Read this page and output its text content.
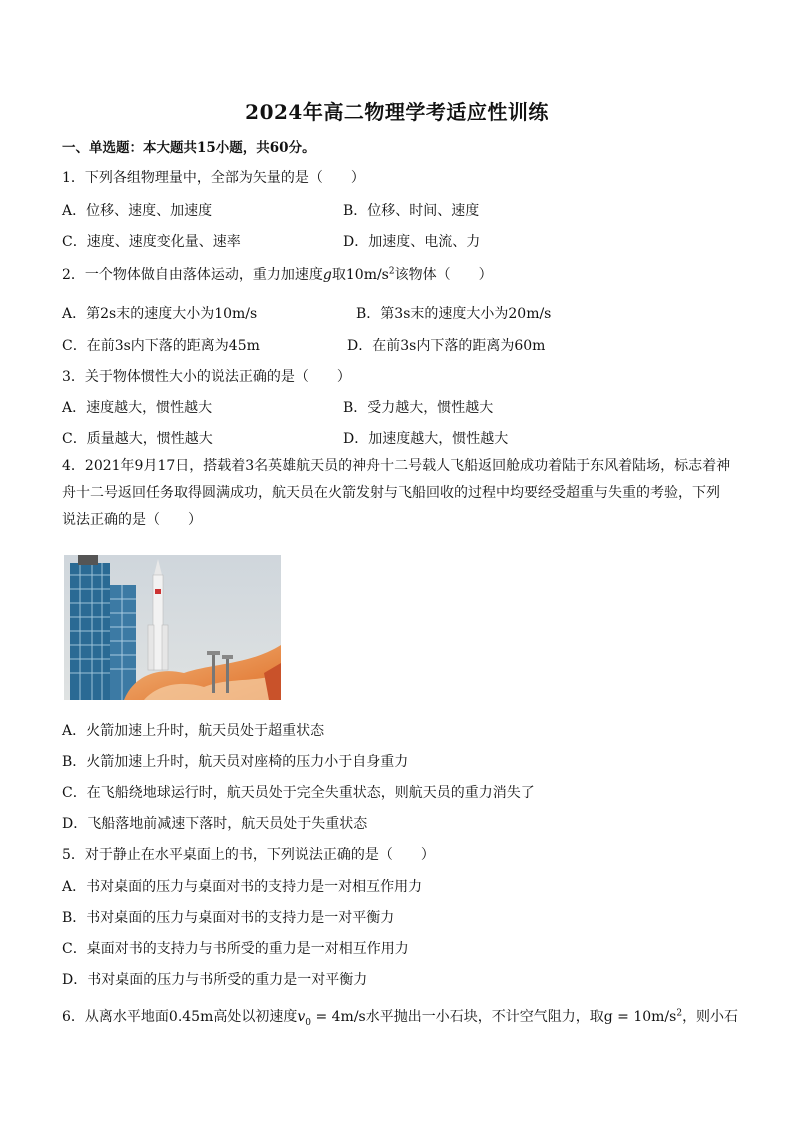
2024年高二物理学考适应性训练
一、单选题：本大题共15小题，共60分。
1．下列各组物理量中，全部为矢量的是（　　）
A．位移、速度、加速度	B．位移、时间、速度
C．速度、速度变化量、速率	D．加速度、电流、力
2．一个物体做自由落体运动，重力加速度g取$10m/s^2$该物体（　　）
A．第2s末的速度大小为10m/s	B．第3s末的速度大小为20m/s
C．在前3s内下落的距离为45m	D．在前3s内下落的距离为60m
3．关于物体惯性大小的说法正确的是（　　）
A．速度越大，惯性越大	B．受力越大，惯性越大
C．质量越大，惯性越大	D．加速度越大，惯性越大
4．2021年9月17日，搭载着3名英雄航天员的神舟十二号载人飞船返回舱成功着陆于东风着陆场，标志着神舟十二号返回任务取得圆满成功，航天员在火箭发射与飞船回收的过程中均要经受超重与失重的考验，下列说法正确的是（　　）
A．火箭加速上升时，航天员处于超重状态
B．火箭加速上升时，航天员对座椅的压力小于自身重力
C．在飞船绕地球运行时，航天员处于完全失重状态，则航天员的重力消失了
D．飞船落地前减速下落时，航天员处于失重状态
5．对于静止在水平桌面上的书，下列说法正确的是（　　）
A．书对桌面的压力与桌面对书的支持力是一对相互作用力
B．书对桌面的压力与桌面对书的支持力是一对平衡力
C．桌面对书的支持力与书所受的重力是一对相互作用力
D．书对桌面的压力与书所受的重力是一对平衡力
6．从离水平地面0.45m高处以初速度$v_0 = 4m/s$水平抛出一小石块，不计空气阻力，取$g = 10m/s^2$，则小石
